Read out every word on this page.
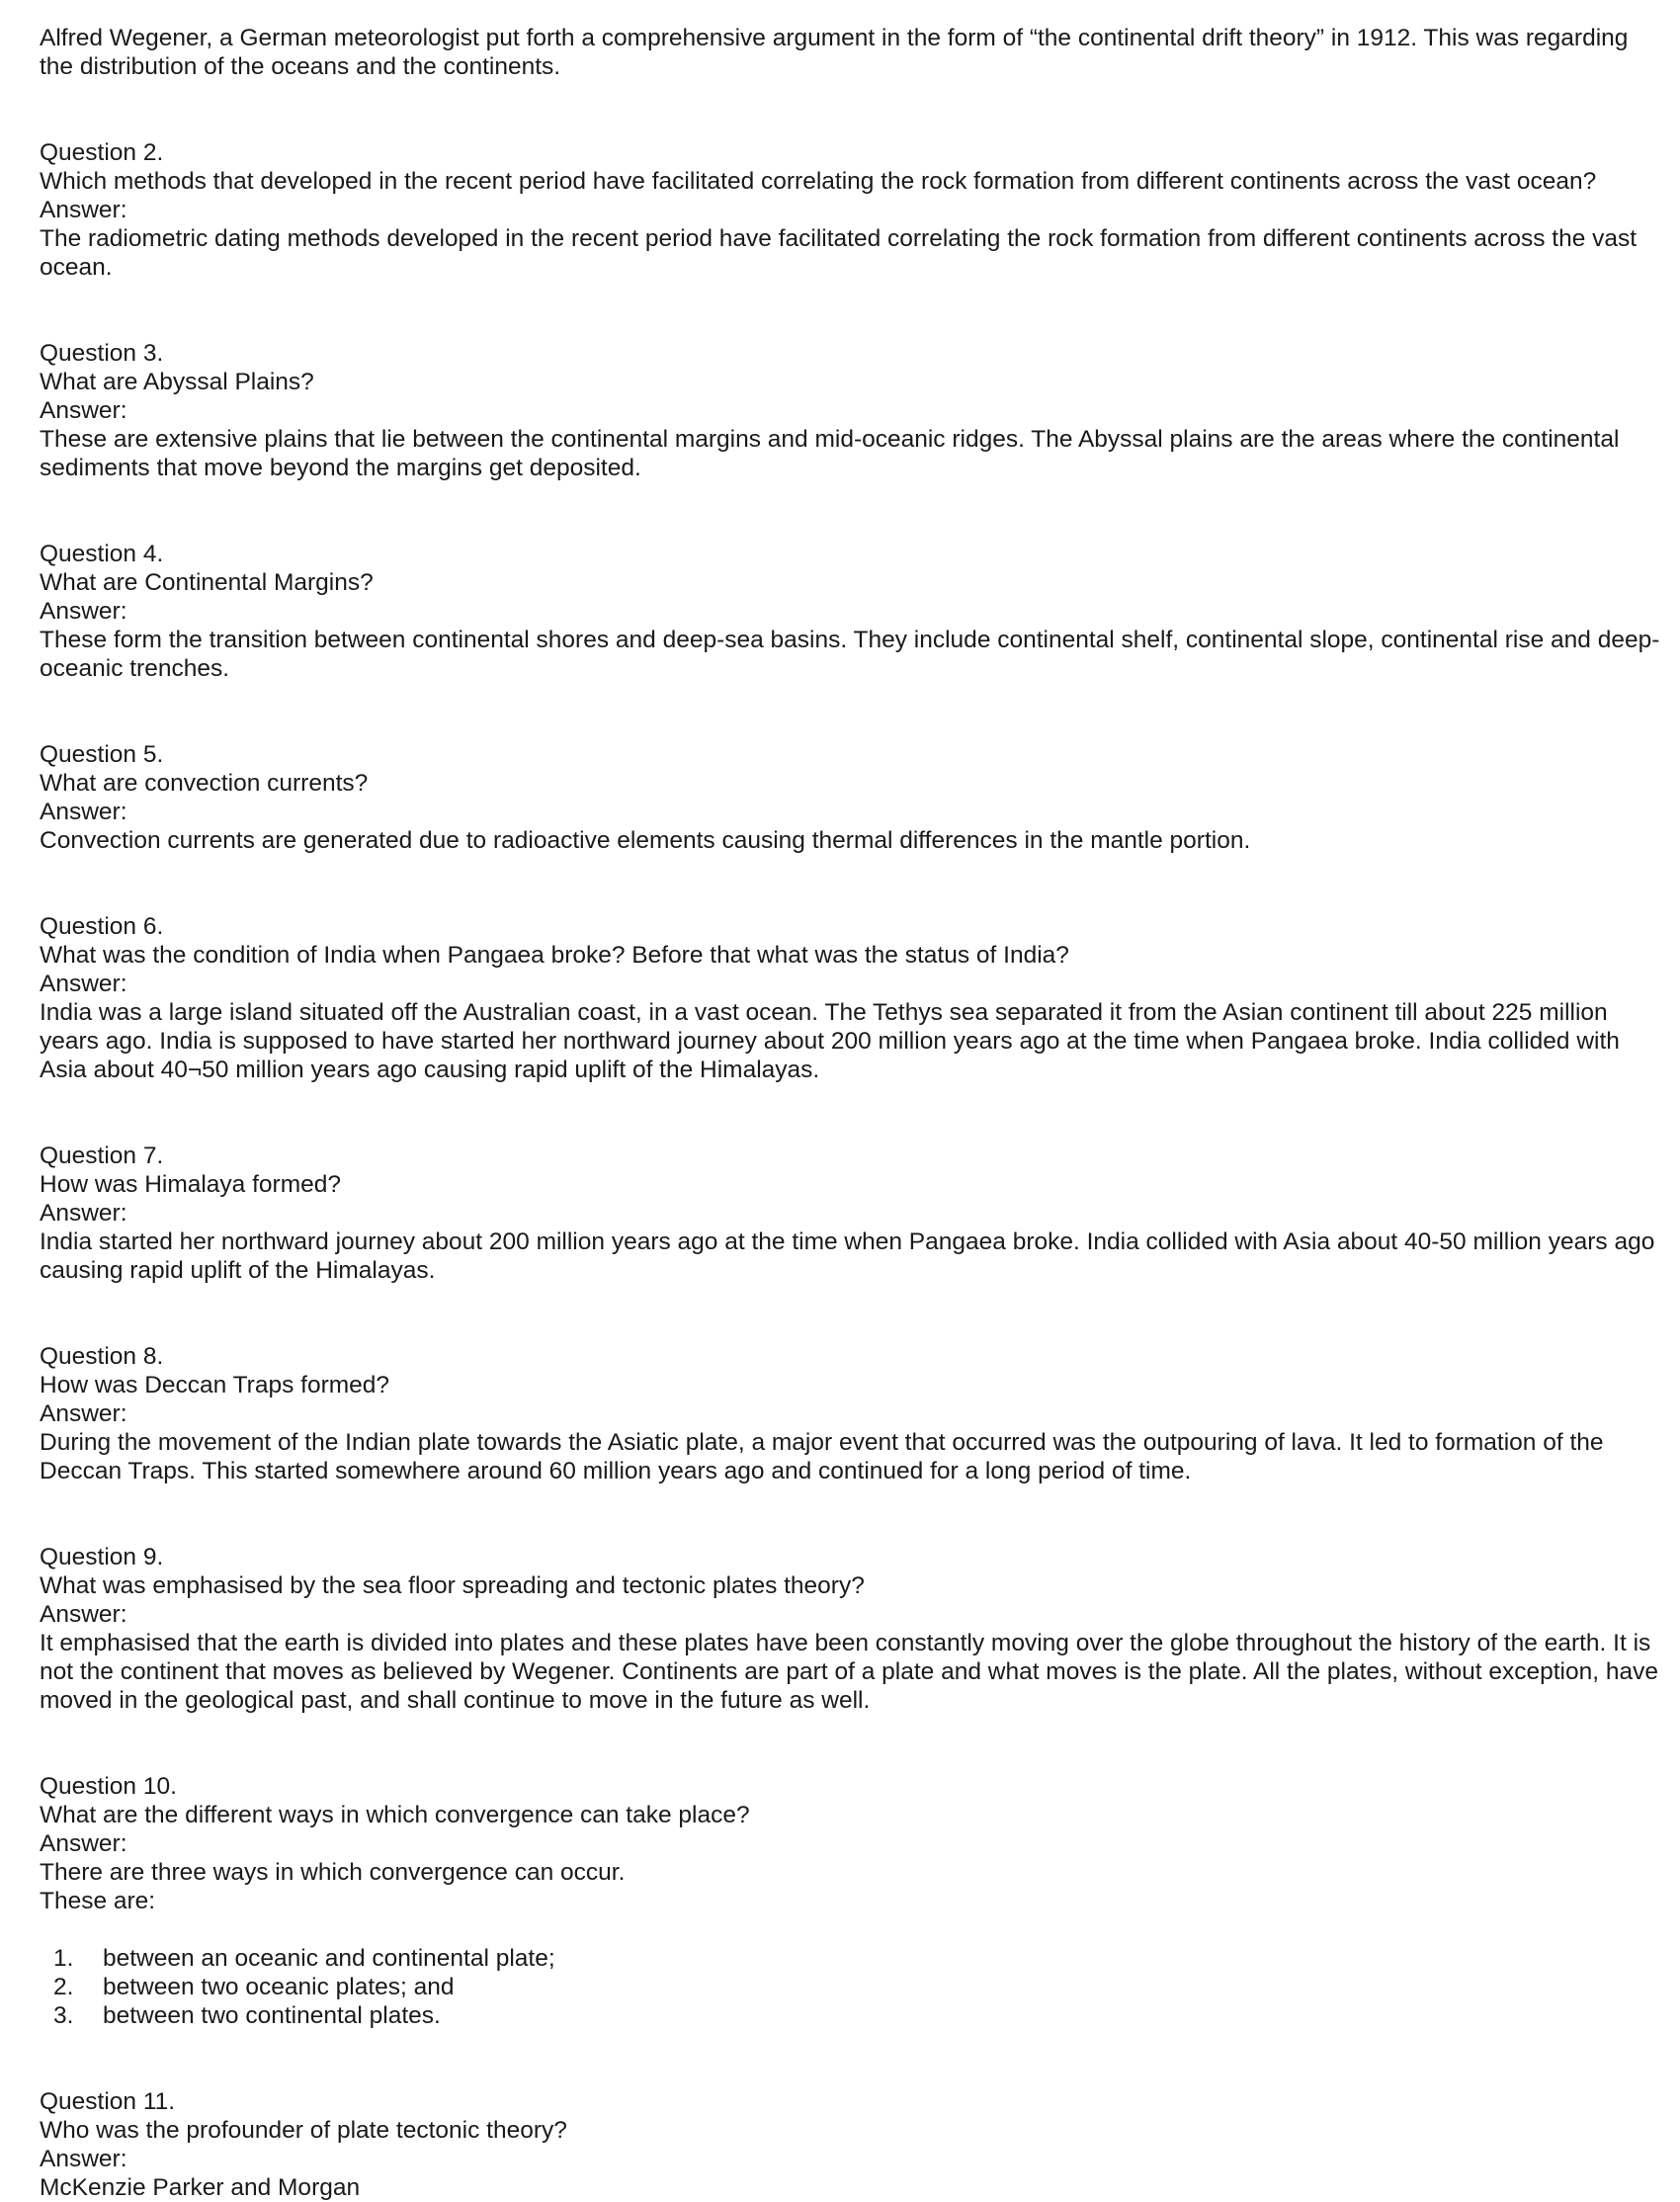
Alfred Wegener, a German meteorologist put forth a comprehensive argument in the form of “the continental drift theory” in 1912. This was regarding the distribution of the oceans and the continents.

Question 2.

Which methods that developed in the recent period have facilitated correlating the rock formation from different continents across the vast ocean?

Answer:

The radiometric dating methods developed in the recent period have facilitated correlating the rock formation from different continents across the vast ocean.

Question 3.

What are Abyssal Plains?

Answer:

These are extensive plains that lie between the continental margins and mid-oceanic ridges. The Abyssal plains are the areas where the continental sediments that move beyond the margins get deposited.

Question 4.

What are Continental Margins?

Answer:

These form the transition between continental shores and deep-sea basins. They include continental shelf, continental slope, continental rise and deep-oceanic trenches.

Question 5.

What are convection currents?

Answer:

Convection currents are generated due to radioactive elements causing thermal differences in the mantle portion.

Question 6.

What was the condition of India when Pangaea broke? Before that what was the status of India?

Answer:

India was a large island situated off the Australian coast, in a vast ocean. The Tethys sea separated it from the Asian continent till about 225 million years ago. India is supposed to have started her northward journey about 200 million years ago at the time when Pangaea broke. India collided with Asia about 40¬50 million years ago causing rapid uplift of the Himalayas.

Question 7.

How was Himalaya formed?

Answer:

India started her northward journey about 200 million years ago at the time when Pangaea broke. India collided with Asia about 40-50 million years ago causing rapid uplift of the Himalayas.

Question 8.

How was Deccan Traps formed?

Answer:

During the movement of the Indian plate towards the Asiatic plate, a major event that occurred was the outpouring of lava. It led to formation of the Deccan Traps. This started somewhere around 60 million years ago and continued for a long period of time.

Question 9.

What was emphasised by the sea floor spreading and tectonic plates theory?

Answer:

It emphasised that the earth is divided into plates and these plates have been constantly moving over the globe throughout the history of the earth. It is not the continent that moves as believed by Wegener. Continents are part of a plate and what moves is the plate. All the plates, without exception, have moved in the geological past, and shall continue to move in the future as well.

Question 10.

What are the different ways in which convergence can take place?

Answer:

There are three ways in which convergence can occur.

These are:

1. between an oceanic and continental plate;
2. between two oceanic plates; and
3. between two continental plates.

Question 11.

Who was the profounder of plate tectonic theory?

Answer:

McKenzie Parker and Morgan
